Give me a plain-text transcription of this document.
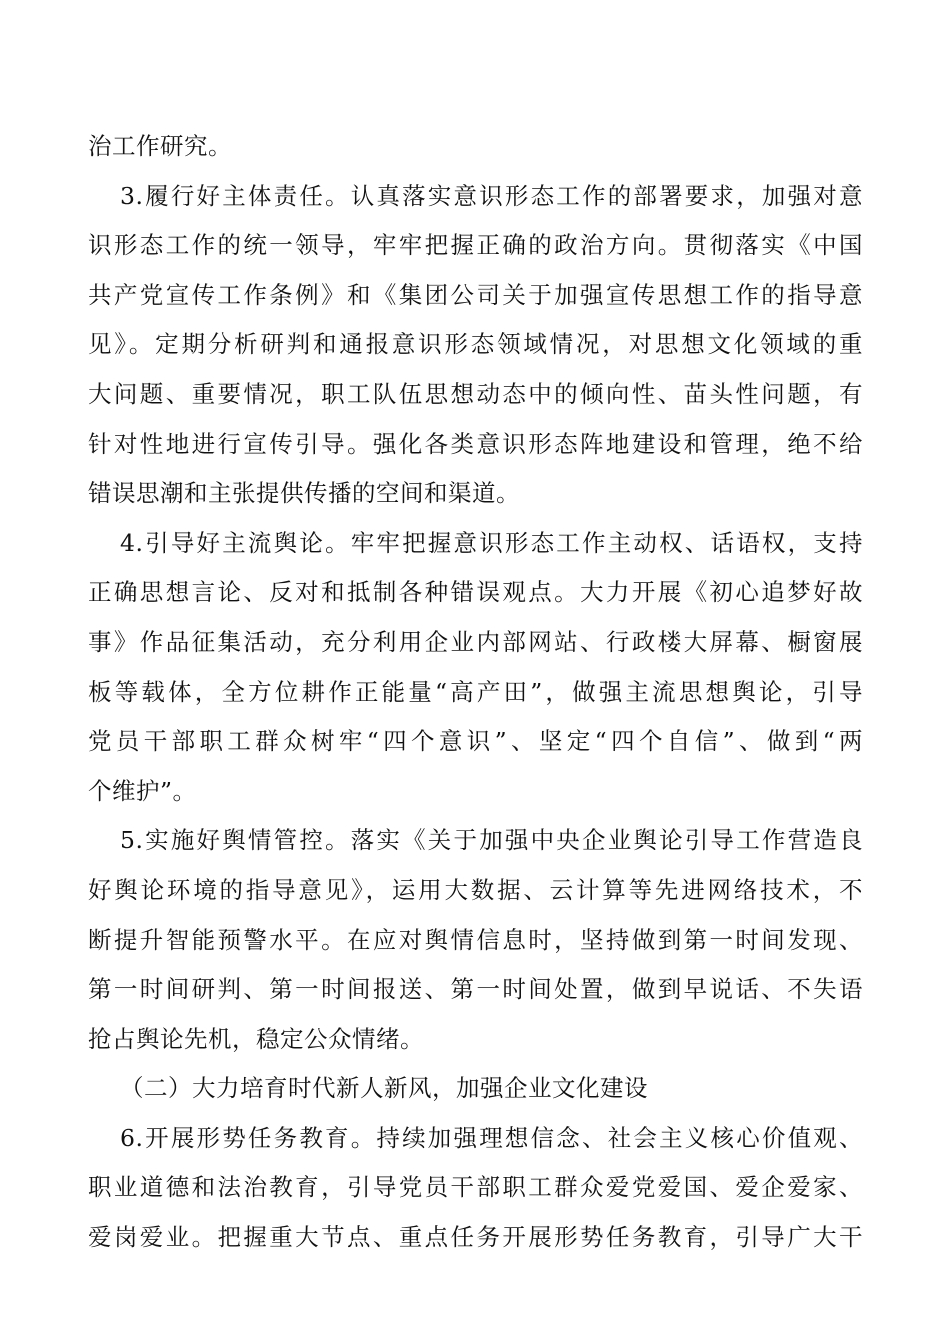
治工作研究。
3.履行好主体责任。认真落实意识形态工作的部署要求，加强对意
识形态工作的统一领导，牢牢把握正确的政治方向。贯彻落实《中国
共产党宣传工作条例》和《集团公司关于加强宣传思想工作的指导意
见》。定期分析研判和通报意识形态领域情况，对思想文化领域的重
大问题、重要情况，职工队伍思想动态中的倾向性、苗头性问题，有
针对性地进行宣传引导。强化各类意识形态阵地建设和管理，绝不给
错误思潮和主张提供传播的空间和渠道。
4.引导好主流舆论。牢牢把握意识形态工作主动权、话语权，支持
正确思想言论、反对和抵制各种错误观点。大力开展《初心追梦好故
事》作品征集活动，充分利用企业内部网站、行政楼大屏幕、橱窗展
板等载体，全方位耕作正能量“高产田”，做强主流思想舆论，引导
党员干部职工群众树牢“四个意识”、坚定“四个自信”、做到“两
个维护”。
5.实施好舆情管控。落实《关于加强中央企业舆论引导工作营造良
好舆论环境的指导意见》，运用大数据、云计算等先进网络技术，不
断提升智能预警水平。在应对舆情信息时，坚持做到第一时间发现、
第一时间研判、第一时间报送、第一时间处置，做到早说话、不失语
抢占舆论先机，稳定公众情绪。
（二）大力培育时代新人新风，加强企业文化建设
6.开展形势任务教育。持续加强理想信念、社会主义核心价值观、
职业道德和法治教育，引导党员干部职工群众爱党爱国、爱企爱家、
爱岗爱业。把握重大节点、重点任务开展形势任务教育，引导广大干
